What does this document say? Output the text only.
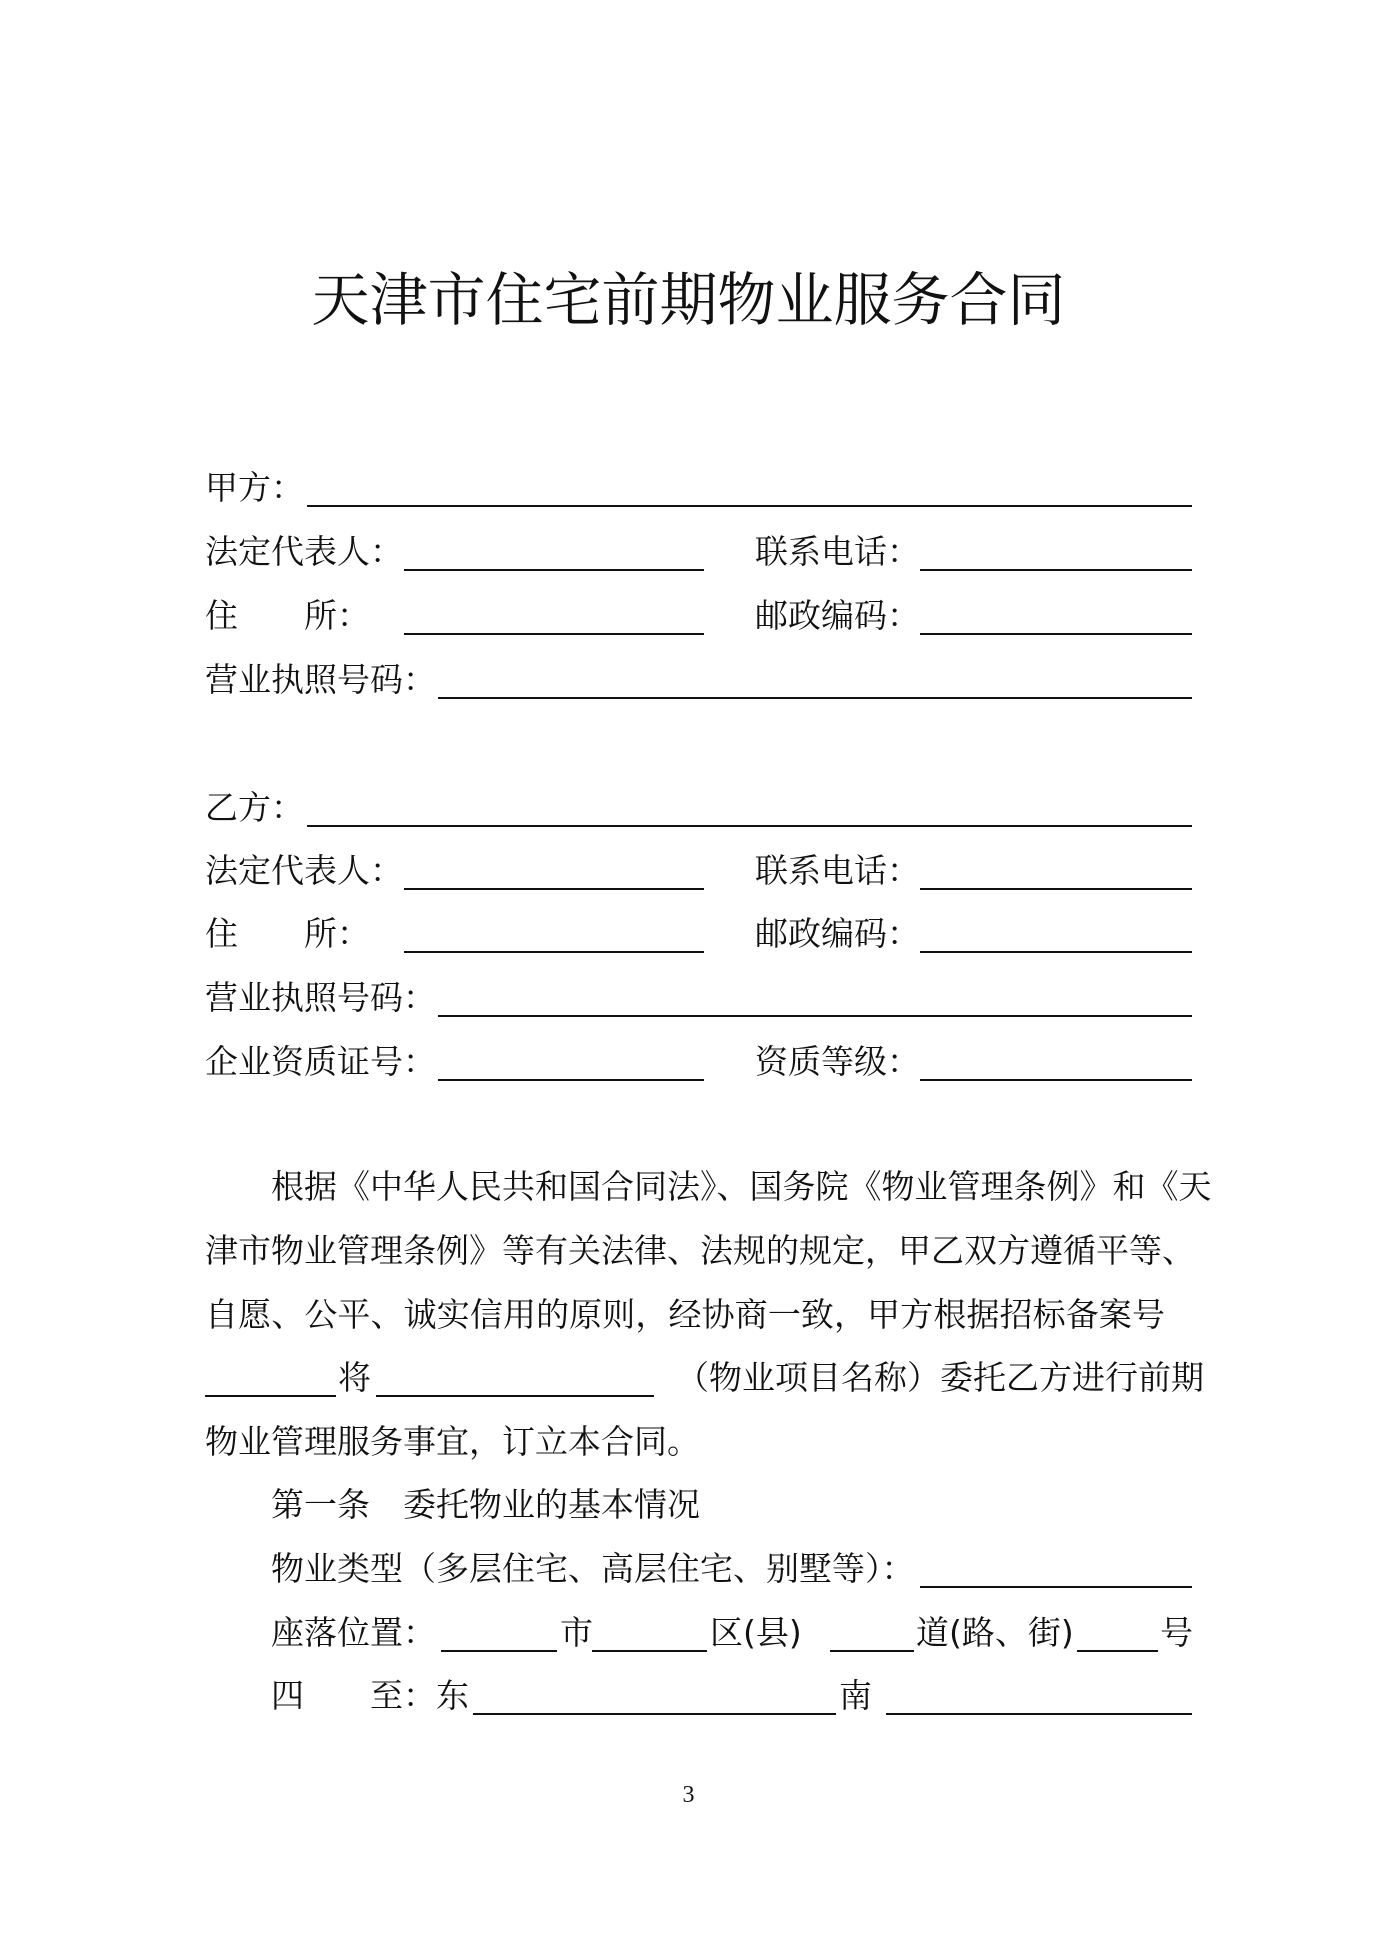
天津市住宅前期物业服务合同
甲方：
法定代表人：	联系电话：
住　　所：	邮政编码：
营业执照号码：
乙方：
法定代表人：	联系电话：
住　　所：	邮政编码：
营业执照号码：
企业资质证号：	资质等级：
根据《中华人民共和国合同法》、国务院《物业管理条例》和《天
津市物业管理条例》等有关法律、法规的规定，甲乙双方遵循平等、
自愿、公平、诚实信用的原则，经协商一致，甲方根据招标备案号
将	（物业项目名称）委托乙方进行前期
物业管理服务事宜，订立本合同。
第一条　委托物业的基本情况
物业类型（多层住宅、高层住宅、别墅等）：
座落位置：	市	区(县)	道(路、街)	号
四 至： 东	南
3
